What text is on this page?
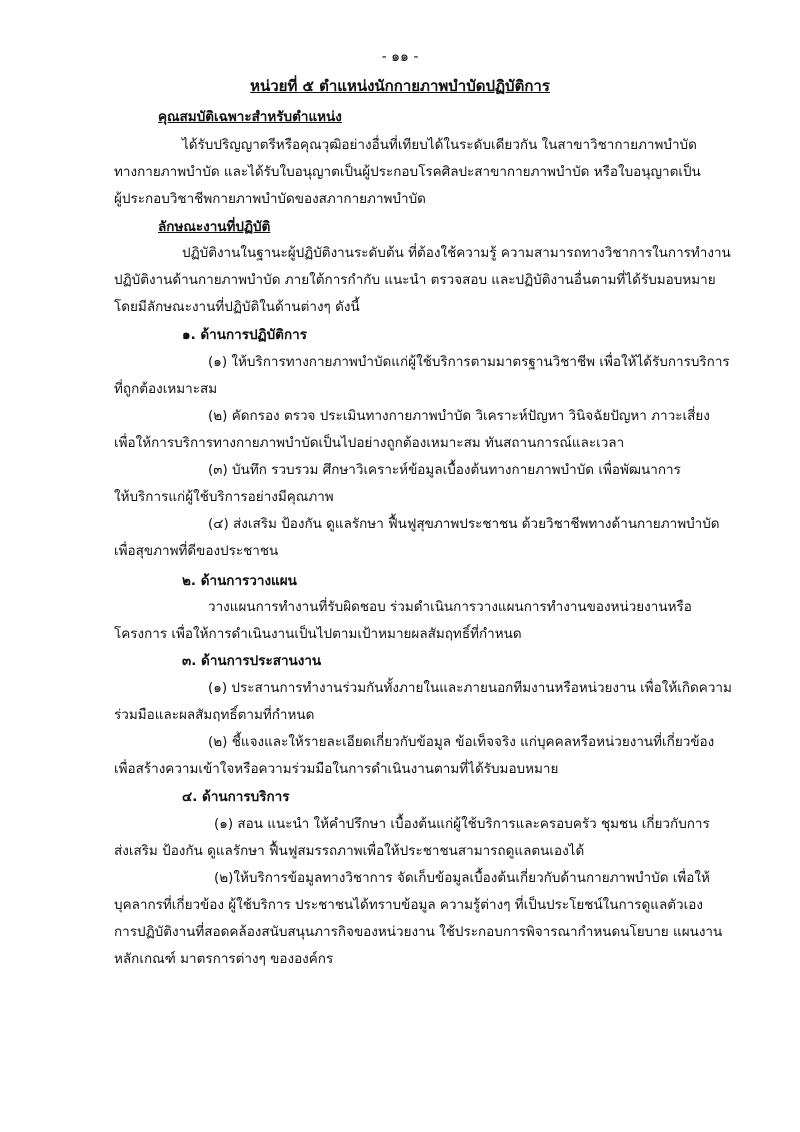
- ๑๑ -
หน่วยที่ ๕ ตำแหน่งนักกายภาพบำบัดปฏิบัติการ
คุณสมบัติเฉพาะสำหรับตำแหน่ง
ได้รับปริญญาตรีหรือคุณวุฒิอย่างอื่นที่เทียบได้ในระดับเดียวกัน ในสาขาวิชากายภาพบำบัด
ทางกายภาพบำบัด และได้รับใบอนุญาตเป็นผู้ประกอบโรคศิลปะสาขากายภาพบำบัด หรือใบอนุญาตเป็น
ผู้ประกอบวิชาชีพกายภาพบำบัดของสภากายภาพบำบัด
ลักษณะงานที่ปฏิบัติ
ปฏิบัติงานในฐานะผู้ปฏิบัติงานระดับต้น ที่ต้องใช้ความรู้ ความสามารถทางวิชาการในการทำงาน
ปฏิบัติงานด้านกายภาพบำบัด ภายใต้การกำกับ แนะนำ ตรวจสอบ และปฏิบัติงานอื่นตามที่ได้รับมอบหมาย
โดยมีลักษณะงานที่ปฏิบัติในด้านต่างๆ ดังนี้
๑. ด้านการปฏิบัติการ
(๑) ให้บริการทางกายภาพบำบัดแก่ผู้ใช้บริการตามมาตรฐานวิชาชีพ เพื่อให้ได้รับการบริการ
ที่ถูกต้องเหมาะสม
(๒) คัดกรอง ตรวจ ประเมินทางกายภาพบำบัด วิเคราะห์ปัญหา วินิจฉัยปัญหา ภาวะเสี่ยง
เพื่อให้การบริการทางกายภาพบำบัดเป็นไปอย่างถูกต้องเหมาะสม ทันสถานการณ์และเวลา
(๓) บันทึก รวบรวม ศึกษาวิเคราะห์ข้อมูลเบื้องต้นทางกายภาพบำบัด เพื่อพัฒนาการ
ให้บริการแก่ผู้ใช้บริการอย่างมีคุณภาพ
(๔) ส่งเสริม ป้องกัน ดูแลรักษา ฟื้นฟูสุขภาพประชาชน ด้วยวิชาชีพทางด้านกายภาพบำบัด
เพื่อสุขภาพที่ดีของประชาชน
๒. ด้านการวางแผน
วางแผนการทำงานที่รับผิดชอบ ร่วมดำเนินการวางแผนการทำงานของหน่วยงานหรือ
โครงการ เพื่อให้การดำเนินงานเป็นไปตามเป้าหมายผลสัมฤทธิ์ที่กำหนด
๓. ด้านการประสานงาน
(๑) ประสานการทำงานร่วมกันทั้งภายในและภายนอกทีมงานหรือหน่วยงาน เพื่อให้เกิดความ
ร่วมมือและผลสัมฤทธิ์ตามที่กำหนด
(๒) ชี้แจงและให้รายละเอียดเกี่ยวกับข้อมูล ข้อเท็จจริง แก่บุคคลหรือหน่วยงานที่เกี่ยวข้อง
เพื่อสร้างความเข้าใจหรือความร่วมมือในการดำเนินงานตามที่ได้รับมอบหมาย
๔. ด้านการบริการ
(๑) สอน แนะนำ ให้คำปรึกษา เบื้องต้นแก่ผู้ใช้บริการและครอบครัว ชุมชน เกี่ยวกับการ
ส่งเสริม ป้องกัน ดูแลรักษา ฟื้นฟูสมรรถภาพเพื่อให้ประชาชนสามารถดูแลตนเองได้
(๒)ให้บริการข้อมูลทางวิชาการ จัดเก็บข้อมูลเบื้องต้นเกี่ยวกับด้านกายภาพบำบัด เพื่อให้
บุคลากรที่เกี่ยวข้อง ผู้ใช้บริการ ประชาชนได้ทราบข้อมูล ความรู้ต่างๆ ที่เป็นประโยชน์ในการดูแลตัวเอง
การปฏิบัติงานที่สอดคล้องสนับสนุนภารกิจของหน่วยงาน ใช้ประกอบการพิจารณากำหนดนโยบาย แผนงาน
หลักเกณฑ์ มาตรการต่างๆ ขององค์กร
